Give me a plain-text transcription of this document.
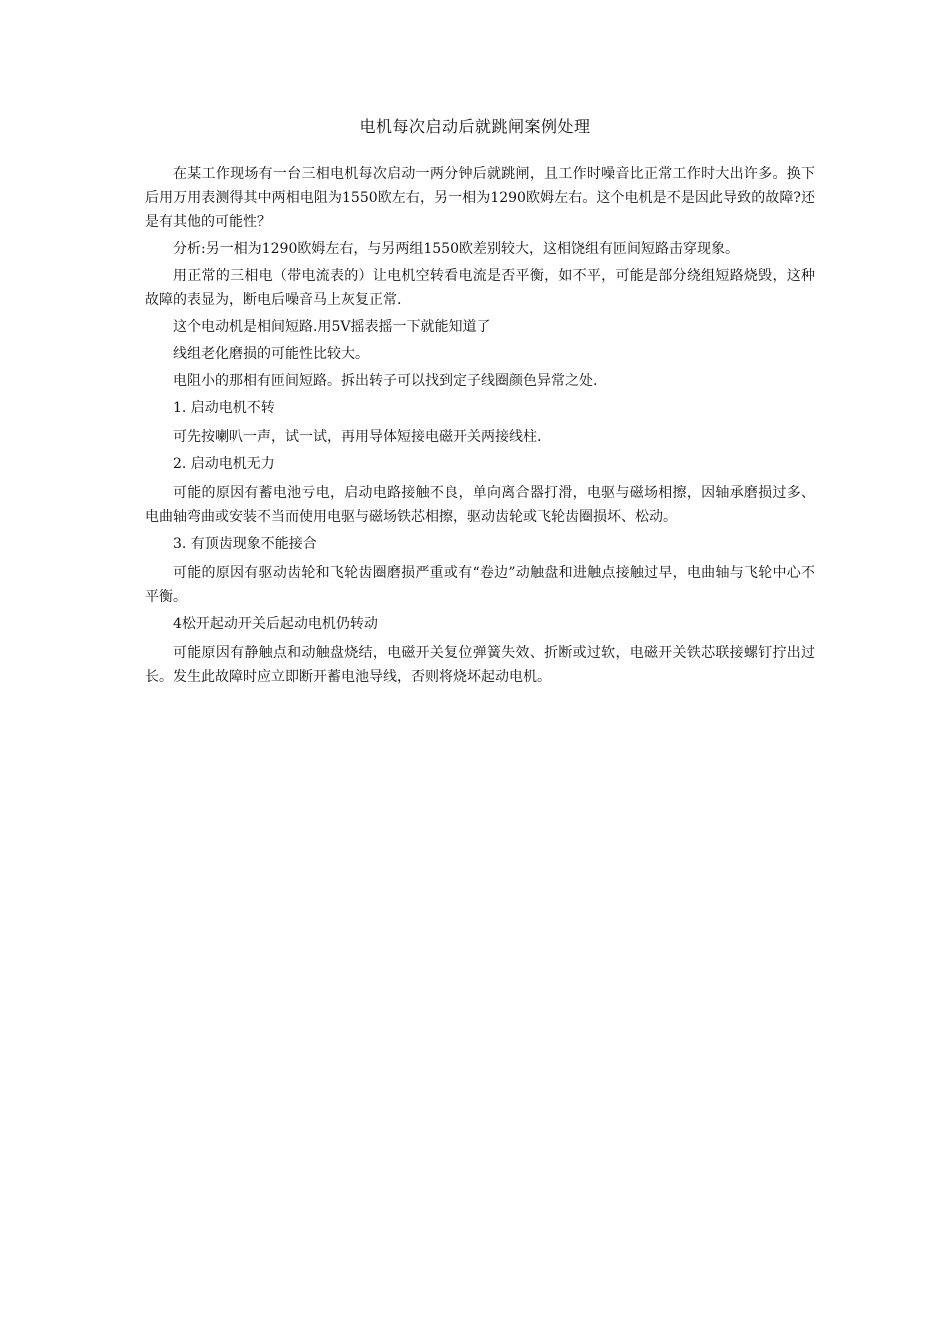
电机每次启动后就跳闸案例处理

在某工作现场有一台三相电机每次启动一两分钟后就跳闸，且工作时噪音比正常工作时大出许多。换下后用万用表测得其中两相电阻为1550欧左右，另一相为1290欧姆左右。这个电机是不是因此导致的故障?还是有其他的可能性？

分析:另一相为1290欧姆左右，与另两组1550欧差别较大，这相饶组有匝间短路击穿现象。

用正常的三相电（带电流表的）让电机空转看电流是否平衡，如不平，可能是部分绕组短路烧毁，这种故障的表显为，断电后噪音马上灰复正常.

这个电动机是相间短路.用5V摇表摇一下就能知道了

线组老化磨损的可能性比较大。

电阻小的那相有匝间短路。拆出转子可以找到定子线圈颜色异常之处.

1. 启动电机不转

可先按喇叭一声，试一试，再用导体短接电磁开关两接线柱.

2. 启动电机无力

可能的原因有蓄电池亏电，启动电路接触不良，单向离合器打滑，电驱与磁场相擦，因轴承磨损过多、电曲轴弯曲或安装不当而使用电驱与磁场铁芯相擦，驱动齿轮或飞轮齿圈损坏、松动。

3. 有顶齿现象不能接合

可能的原因有驱动齿轮和飞轮齿圈磨损严重或有“卷边”动触盘和进触点接触过早，电曲轴与飞轮中心不平衡。

4松开起动开关后起动电机仍转动

可能原因有静触点和动触盘烧结，电磁开关复位弹簧失效、折断或过软，电磁开关铁芯联接螺钉拧出过长。发生此故障时应立即断开蓄电池导线，否则将烧坏起动电机。
